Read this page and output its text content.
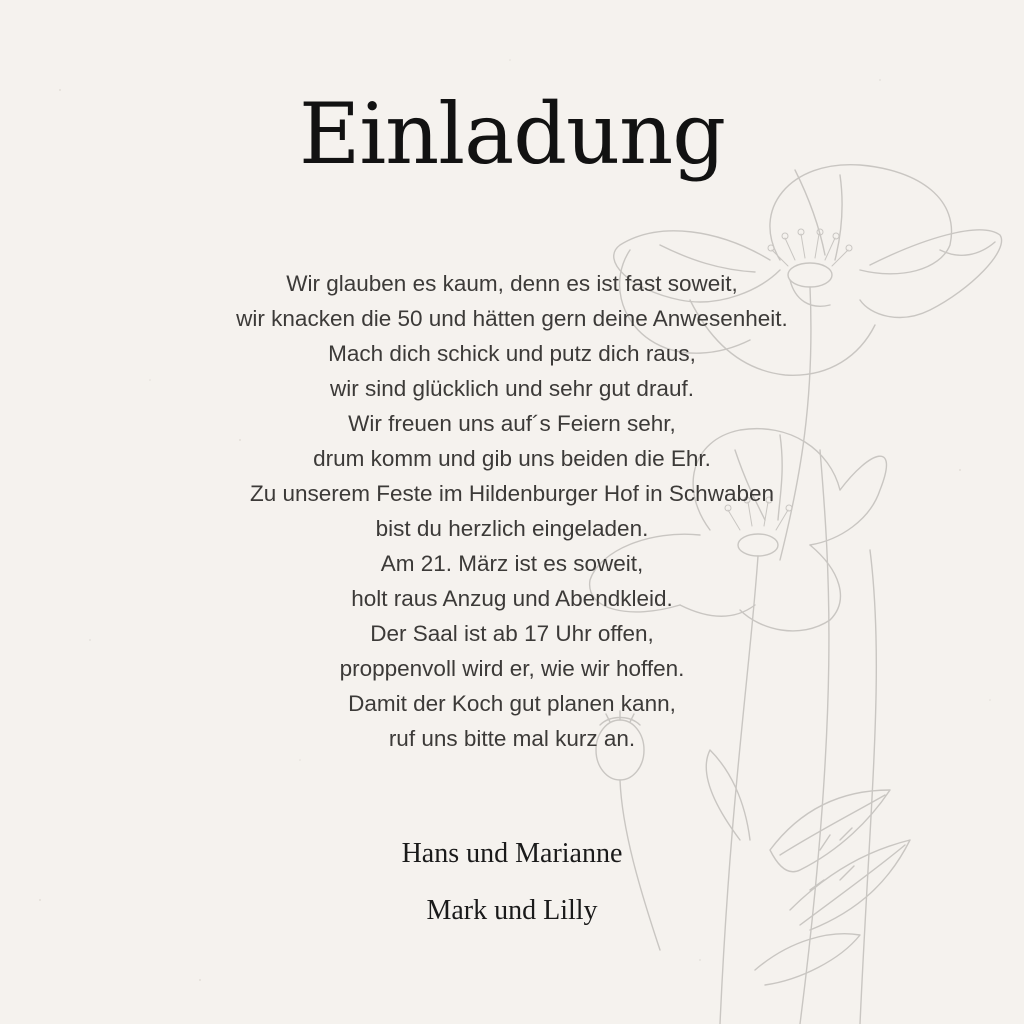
Einladung
Wir glauben es kaum, denn es ist fast soweit,
wir knacken die 50 und hätten gern deine Anwesenheit.
Mach dich schick und putz dich raus,
wir sind glücklich und sehr gut drauf.
Wir freuen uns auf´s Feiern sehr,
drum komm und gib uns beiden die Ehr.
Zu unserem Feste im Hildenburger Hof in Schwaben
bist du herzlich eingeladen.
Am 21. März ist es soweit,
holt raus Anzug und Abendkleid.
Der Saal ist ab 17 Uhr offen,
proppenvoll wird er, wie wir hoffen.
Damit der Koch gut planen kann,
ruf uns bitte mal kurz an.
Hans und Marianne
Mark und Lilly
